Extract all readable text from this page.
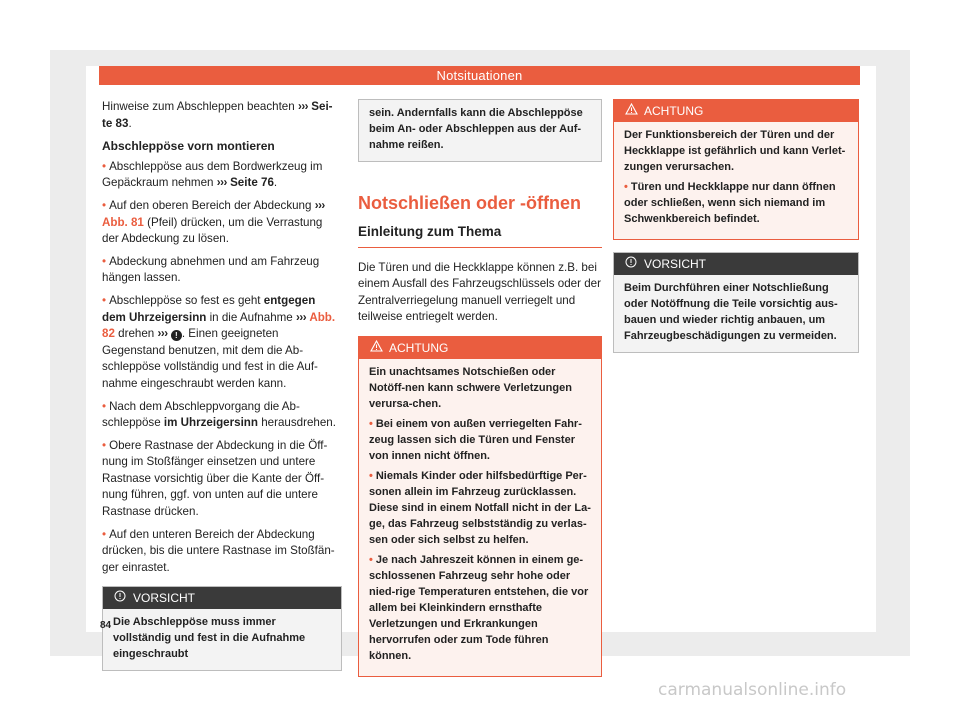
Notsituationen

Hinweise zum Abschleppen beachten ››› Sei-te 83.

Abschleppöse vorn montieren

• Abschleppöse aus dem Bordwerkzeug im Gepäckraum nehmen ››› Seite 76.

• Auf den oberen Bereich der Abdeckung ››› Abb. 81 (Pfeil) drücken, um die Verrastung der Abdeckung zu lösen.

• Abdeckung abnehmen und am Fahrzeug hängen lassen.

• Abschleppöse so fest es geht entgegen dem Uhrzeigersinn in die Aufnahme ››› Abb. 82 drehen ››› ! . Einen geeigneten Gegenstand benutzen, mit dem die Ab-schleppöse vollständig und fest in die Auf-nahme eingeschraubt werden kann.

• Nach dem Abschleppvorgang die Ab-schleppöse im Uhrzeigersinn herausdrehen.

• Obere Rastnase der Abdeckung in die Öff-nung im Stoßfänger einsetzen und untere Rastnase vorsichtig über die Kante der Öff-nung führen, ggf. von unten auf die untere Rastnase drücken.

• Auf den unteren Bereich der Abdeckung drücken, bis die untere Rastnase im Stoßfän-ger einrastet.

VORSICHT
Die Abschleppöse muss immer vollständig und fest in die Aufnahme eingeschraubt
sein. Andernfalls kann die Abschleppöse beim An- oder Abschleppen aus der Auf-nahme reißen.
Notschließen oder -öffnen
Einleitung zum Thema

Die Türen und die Heckklappe können z.B. bei einem Ausfall des Fahrzeugschlüssels oder der Zentralverriegelung manuell verriegelt und teilweise entriegelt werden.

ACHTUNG

Ein unachtsames Notschießen oder Notöff-nen kann schwere Verletzungen verursa-chen.

• Bei einem von außen verriegelten Fahr-zeug lassen sich die Türen und Fenster von innen nicht öffnen.

• Niemals Kinder oder hilfsbedürftige Per-sonen allein im Fahrzeug zurücklassen. Diese sind in einem Notfall nicht in der La-ge, das Fahrzeug selbstständig zu verlas-sen oder sich selbst zu helfen.

• Je nach Jahreszeit können in einem ge-schlossenen Fahrzeug sehr hohe oder nied-rige Temperaturen entstehen, die vor allem bei Kleinkindern ernsthafte Verletzungen und Erkrankungen hervorrufen oder zum Tode führen können.

ACHTUNG

Der Funktionsbereich der Türen und der Heckklappe ist gefährlich und kann Verlet-zungen verursachen.

• Türen und Heckklappe nur dann öffnen oder schließen, wenn sich niemand im Schwenkbereich befindet.

VORSICHT
Beim Durchführen einer Notschließung oder Notöffnung die Teile vorsichtig aus-bauen und wieder richtig anbauen, um Fahrzeugbeschädigungen zu vermeiden.
84
carmanualsonline.info
